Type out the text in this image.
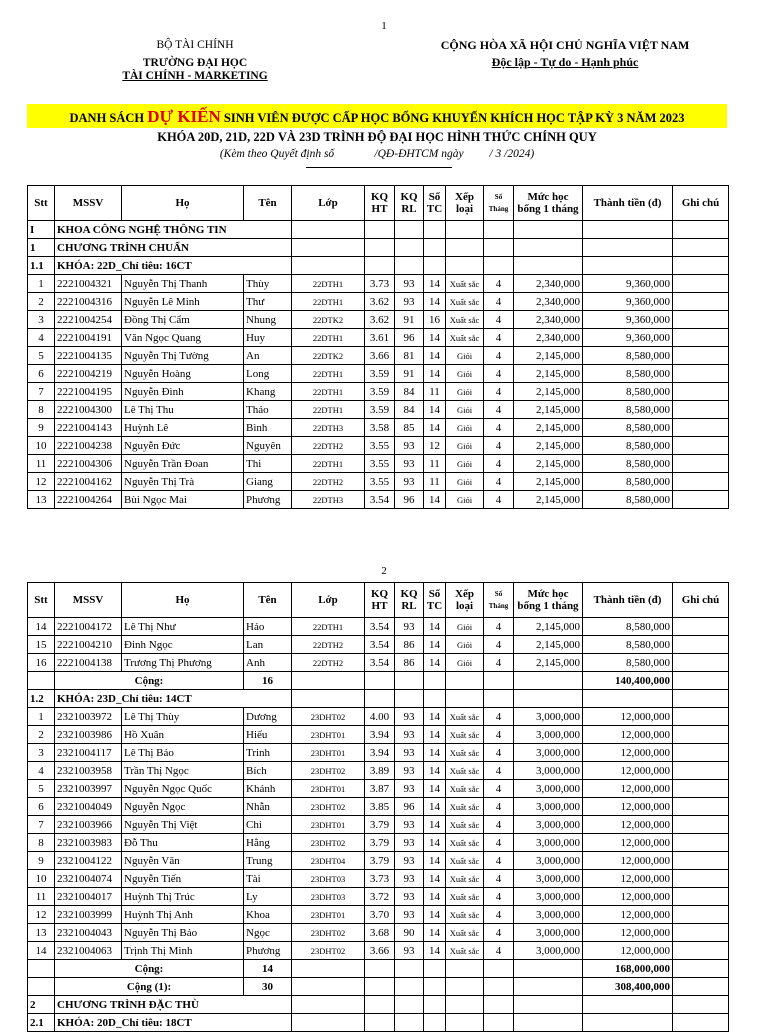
1
BỘ TÀI CHÍNH
TRƯỜNG ĐẠI HỌC
TÀI CHÍNH - MARKETING
CỘNG HÒA XÃ HỘI CHỦ NGHĨA VIỆT NAM
Độc lập - Tự do - Hạnh phúc
DANH SÁCH DỰ KIẾN SINH VIÊN ĐƯỢC CẤP HỌC BỔNG KHUYẾN KHÍCH HỌC TẬP KỲ 3 NĂM 2023
KHÓA 20D, 21D, 22D VÀ 23D TRÌNH ĐỘ ĐẠI HỌC HÌNH THỨC CHÍNH QUY
(Kèm theo Quyết định số              /QĐ-ĐHTCM ngày         / 3 /2024)
Stt	MSSV	Họ	Tên	Lớp	KQ HT	KQ RL	Số TC	Xếp loại	Số Tháng	Mức học bổng 1 tháng	Thành tiền (đ)	Ghi chú
I	KHOA CÔNG NGHỆ THÔNG TIN											
1	CHƯƠNG TRÌNH CHUẨN											
1.1	KHÓA: 22D_Chỉ tiêu: 16CT											
1	2221004321	Nguyễn Thị Thanh	Thùy	22DTH1	3.73	93	14	Xuất sắc	4	2,340,000	9,360,000	
2	2221004316	Nguyễn Lê Minh	Thư	22DTH1	3.62	93	14	Xuất sắc	4	2,340,000	9,360,000	
3	2221004254	Đồng Thị Cẩm	Nhung	22DTK2	3.62	91	16	Xuất sắc	4	2,340,000	9,360,000	
4	2221004191	Văn Ngọc Quang	Huy	22DTH1	3.61	96	14	Xuất sắc	4	2,340,000	9,360,000	
5	2221004135	Nguyễn Thị Tường	An	22DTK2	3.66	81	14	Giỏi	4	2,145,000	8,580,000	
6	2221004219	Nguyễn Hoàng	Long	22DTH1	3.59	91	14	Giỏi	4	2,145,000	8,580,000	
7	2221004195	Nguyễn Đình	Khang	22DTH1	3.59	84	11	Giỏi	4	2,145,000	8,580,000	
8	2221004300	Lê Thị Thu	Thảo	22DTH1	3.59	84	14	Giỏi	4	2,145,000	8,580,000	
9	2221004143	Huỳnh Lê	Bình	22DTH3	3.58	85	14	Giỏi	4	2,145,000	8,580,000	
10	2221004238	Nguyễn Đức	Nguyên	22DTH2	3.55	93	12	Giỏi	4	2,145,000	8,580,000	
11	2221004306	Nguyễn Trần Đoan	Thi	22DTH1	3.55	93	11	Giỏi	4	2,145,000	8,580,000	
12	2221004162	Nguyễn Thị Trà	Giang	22DTH2	3.55	93	11	Giỏi	4	2,145,000	8,580,000	
13	2221004264	Bùi Ngọc Mai	Phương	22DTH3	3.54	96	14	Giỏi	4	2,145,000	8,580,000	
2
Stt	MSSV	Họ	Tên	Lớp	KQ HT	KQ RL	Số TC	Xếp loại	Số Tháng	Mức học bổng 1 tháng	Thành tiền (đ)	Ghi chú
14	2221004172	Lê Thị Như	Hảo	22DTH1	3.54	93	14	Giỏi	4	2,145,000	8,580,000	
15	2221004210	Đinh Ngọc	Lan	22DTH2	3.54	86	14	Giỏi	4	2,145,000	8,580,000	
16	2221004138	Trương Thị Phương	Anh	22DTH2	3.54	86	14	Giỏi	4	2,145,000	8,580,000	
	Cộng:		16								140,400,000	
1.2	KHÓA: 23D_Chỉ tiêu: 14CT											
1	2321003972	Lê Thị Thùy	Dương	23DHT02	4.00	93	14	Xuất sắc	4	3,000,000	12,000,000	
2	2321003986	Hồ Xuân	Hiếu	23DHT01	3.94	93	14	Xuất sắc	4	3,000,000	12,000,000	
3	2321004117	Lê Thị Bảo	Trinh	23DHT01	3.94	93	14	Xuất sắc	4	3,000,000	12,000,000	
4	2321003958	Trần Thị Ngọc	Bích	23DHT02	3.89	93	14	Xuất sắc	4	3,000,000	12,000,000	
5	2321003997	Nguyễn Ngọc Quốc	Khánh	23DHT01	3.87	93	14	Xuất sắc	4	3,000,000	12,000,000	
6	2321004049	Nguyễn Ngọc	Nhẫn	23DHT02	3.85	96	14	Xuất sắc	4	3,000,000	12,000,000	
7	2321003966	Nguyễn Thị Việt	Chi	23DHT01	3.79	93	14	Xuất sắc	4	3,000,000	12,000,000	
8	2321003983	Đỗ Thu	Hằng	23DHT02	3.79	93	14	Xuất sắc	4	3,000,000	12,000,000	
9	2321004122	Nguyễn Văn	Trung	23DHT04	3.79	93	14	Xuất sắc	4	3,000,000	12,000,000	
10	2321004074	Nguyễn Tiến	Tài	23DHT03	3.73	93	14	Xuất sắc	4	3,000,000	12,000,000	
11	2321004017	Huỳnh Thị Trúc	Ly	23DHT03	3.72	93	14	Xuất sắc	4	3,000,000	12,000,000	
12	2321003999	Huỳnh Thị Anh	Khoa	23DHT01	3.70	93	14	Xuất sắc	4	3,000,000	12,000,000	
13	2321004043	Nguyễn Thị Bảo	Ngọc	23DHT02	3.68	90	14	Xuất sắc	4	3,000,000	12,000,000	
14	2321004063	Trịnh Thị Minh	Phương	23DHT02	3.66	93	14	Xuất sắc	4	3,000,000	12,000,000	
	Cộng:		14								168,000,000	
	Cộng (1):		30								308,400,000	
2	CHƯƠNG TRÌNH ĐẶC THÙ											
2.1	KHÓA: 20D_Chỉ tiêu: 18CT											
